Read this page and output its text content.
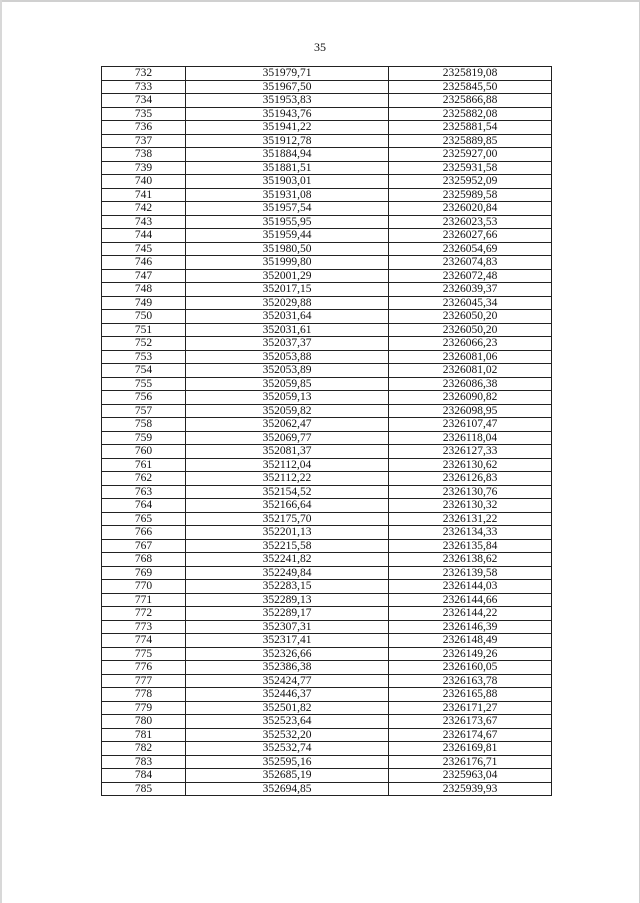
35
732	351979,71	2325819,08
733	351967,50	2325845,50
734	351953,83	2325866,88
735	351943,76	2325882,08
736	351941,22	2325881,54
737	351912,78	2325889,85
738	351884,94	2325927,00
739	351881,51	2325931,58
740	351903,01	2325952,09
741	351931,08	2325989,58
742	351957,54	2326020,84
743	351955,95	2326023,53
744	351959,44	2326027,66
745	351980,50	2326054,69
746	351999,80	2326074,83
747	352001,29	2326072,48
748	352017,15	2326039,37
749	352029,88	2326045,34
750	352031,64	2326050,20
751	352031,61	2326050,20
752	352037,37	2326066,23
753	352053,88	2326081,06
754	352053,89	2326081,02
755	352059,85	2326086,38
756	352059,13	2326090,82
757	352059,82	2326098,95
758	352062,47	2326107,47
759	352069,77	2326118,04
760	352081,37	2326127,33
761	352112,04	2326130,62
762	352112,22	2326126,83
763	352154,52	2326130,76
764	352166,64	2326130,32
765	352175,70	2326131,22
766	352201,13	2326134,33
767	352215,58	2326135,84
768	352241,82	2326138,62
769	352249,84	2326139,58
770	352283,15	2326144,03
771	352289,13	2326144,66
772	352289,17	2326144,22
773	352307,31	2326146,39
774	352317,41	2326148,49
775	352326,66	2326149,26
776	352386,38	2326160,05
777	352424,77	2326163,78
778	352446,37	2326165,88
779	352501,82	2326171,27
780	352523,64	2326173,67
781	352532,20	2326174,67
782	352532,74	2326169,81
783	352595,16	2326176,71
784	352685,19	2325963,04
785	352694,85	2325939,93
